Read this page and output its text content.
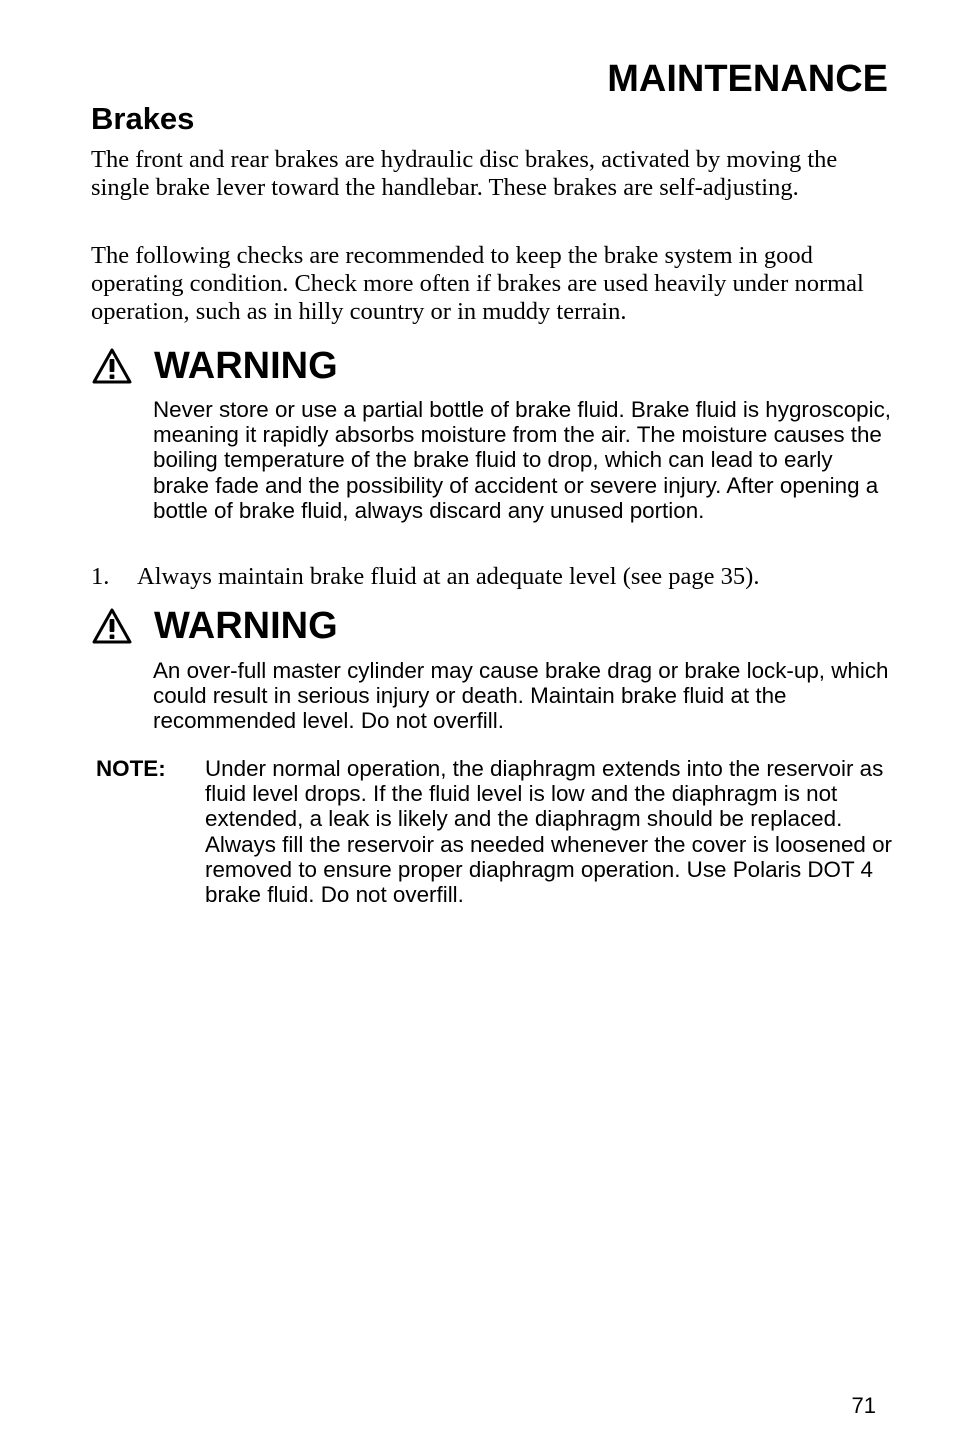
MAINTENANCE
Brakes

The front and rear brakes are hydraulic disc brakes, activated by moving the single brake lever toward the handlebar. These brakes are self-adjusting.

The following checks are recommended to keep the brake system in good operating condition. Check more often if brakes are used heavily under normal operation, such as in hilly country or in muddy terrain.

WARNING

Never store or use a partial bottle of brake fluid. Brake fluid is hygroscopic, meaning it rapidly absorbs moisture from the air. The moisture causes the boiling temperature of the brake fluid to drop, which can lead to early brake fade and the possibility of accident or severe injury. After opening a bottle of brake fluid, always discard any unused portion.

1.	Always maintain brake fluid at an adequate level (see page 35).
WARNING

An over-full master cylinder may cause brake drag or brake lock-up, which could result in serious injury or death. Maintain brake fluid at the recommended level. Do not overfill.

NOTE:	Under normal operation, the diaphragm extends into the reservoir as fluid level drops. If the fluid level is low and the diaphragm is not extended, a leak is likely and the diaphragm should be replaced. Always fill the reservoir as needed whenever the cover is loosened or removed to ensure proper diaphragm operation. Use Polaris DOT 4 brake fluid. Do not overfill.
71
